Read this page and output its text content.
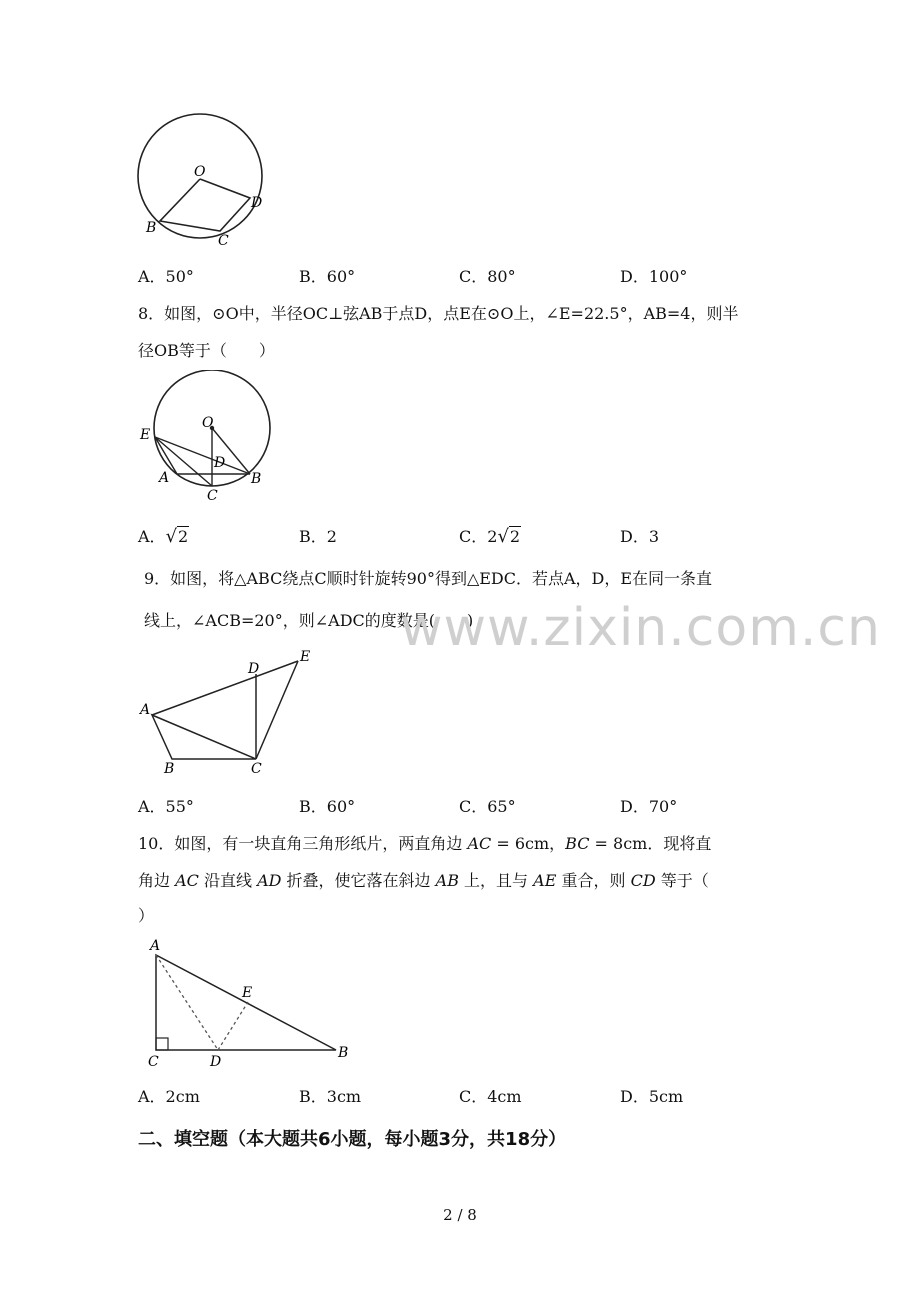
O
B
C
D
A．50°	B．60°	C．80°	D．100°
8．如图，⊙O中，半径OC⊥弦AB于点D，点E在⊙O上，∠E=22.5°，AB=4，则半
径OB等于（　　）
O
E
D
A	B
C
A．√2	B．2	C．2√2	D．3
9．如图，将△ABC绕点C顺时针旋转90°得到△EDC．若点A，D，E在同一条直
线上，∠ACB=20°，则∠ADC的度数是(　　)
A
B	C
D
E
A．55°	B．60°	C．65°	D．70°
www.zixin.com.cn
10．如图，有一块直角三角形纸片，两直角边 AC = 6cm，BC = 8cm．现将直
角边 AC 沿直线 AD 折叠，使它落在斜边 AB 上，且与 AE 重合，则 CD 等于（
）
A
E
C	D
B
A．2cm	B．3cm	C．4cm	D．5cm
二、填空题（本大题共6小题，每小题3分，共18分）
2 / 8
